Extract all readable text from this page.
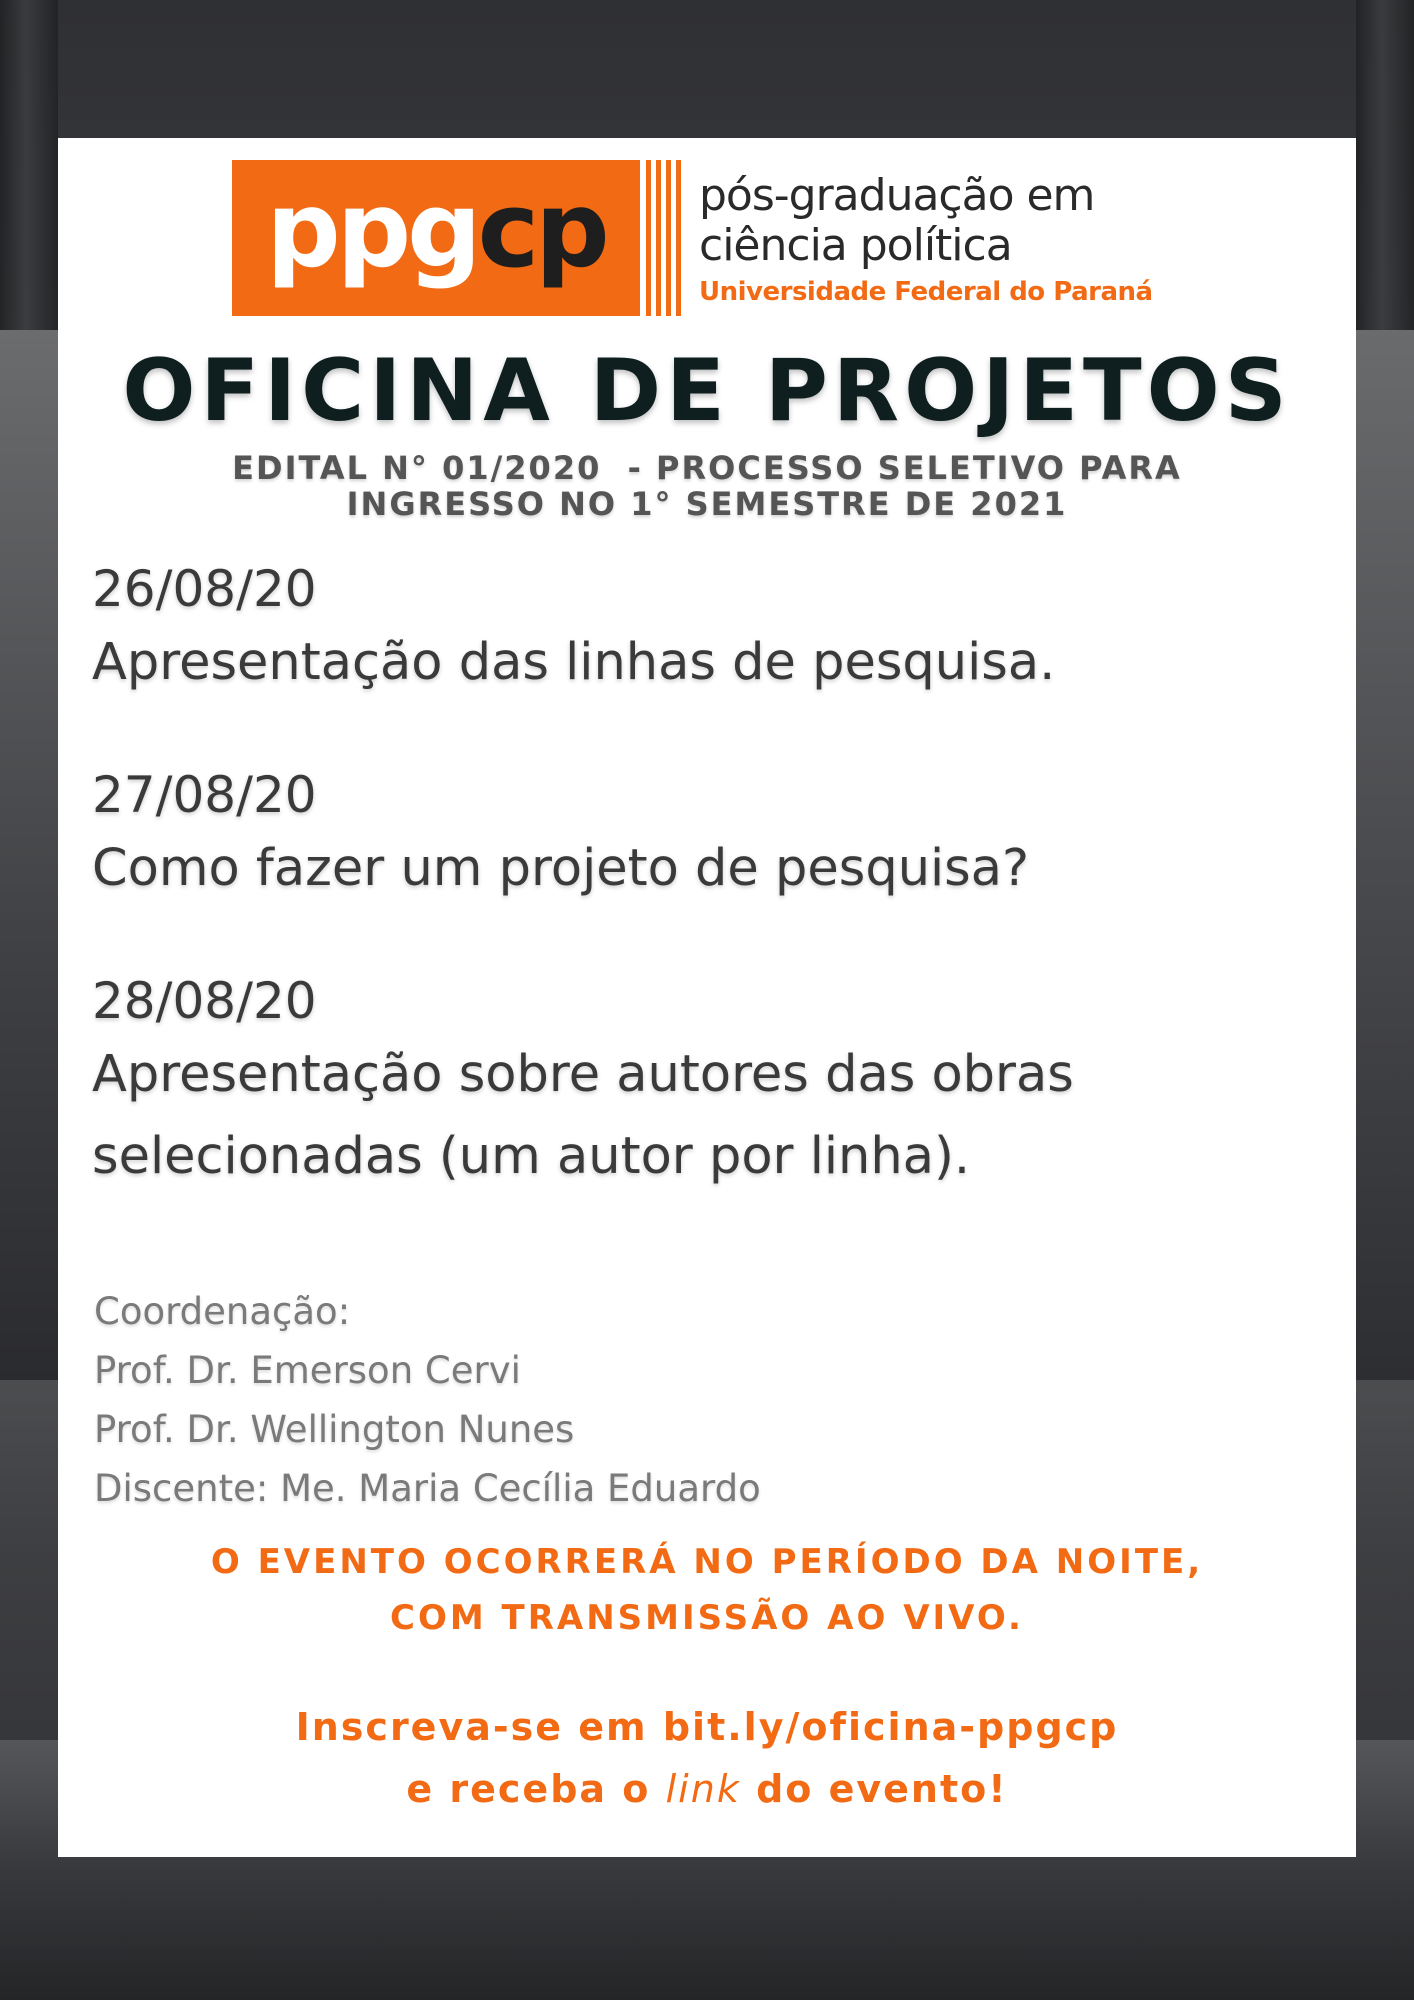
ppg cp pós-graduação em
ciência política
Universidade Federal do Paraná
OFICINA DE PROJETOS
EDITAL N° 01/2020  - PROCESSO SELETIVO PARA
INGRESSO NO 1° SEMESTRE DE 2021
26/08/20
Apresentação das linhas de pesquisa.
27/08/20
Como fazer um projeto de pesquisa?
28/08/20
Apresentação sobre autores das obras
selecionadas (um autor por linha).
Coordenação:
Prof. Dr. Emerson Cervi
Prof. Dr. Wellington Nunes
Discente: Me. Maria Cecília Eduardo
O EVENTO OCORRERÁ NO PERÍODO DA NOITE,
COM TRANSMISSÃO AO VIVO.
Inscreva-se em bit.ly/oficina-ppgcp
e receba o link do evento!
